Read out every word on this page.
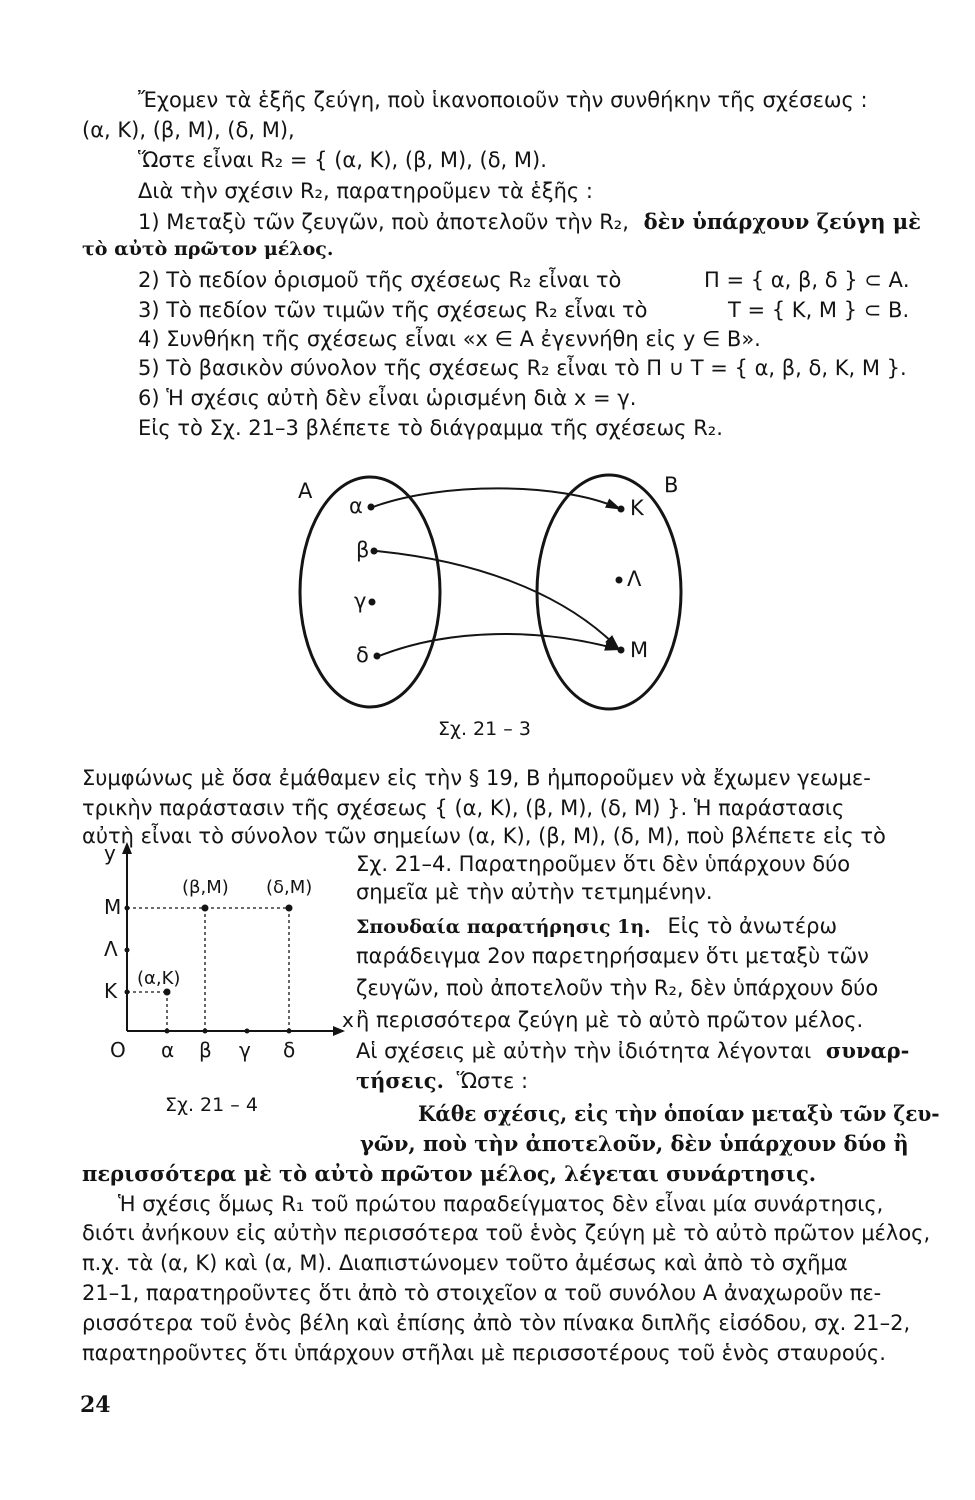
Ἔχομεν τὰ ἑξῆς ζεύγη, ποὺ ἱκανοποιοῦν τὴν συνθήκην τῆς σχέσεως :
(α, Κ), (β, Μ), (δ, Μ),
Ὥστε εἶναι R₂ = { (α, Κ), (β, Μ), (δ, Μ).
Διὰ τὴν σχέσιν R₂, παρατηροῦμεν τὰ ἑξῆς :
1) Μεταξὺ τῶν ζευγῶν, ποὺ ἀποτελοῦν τὴν R₂, δὲν ὑπάρχουν ζεύγη μὲ
τὸ αὐτὸ πρῶτον μέλος.
2) Τὸ πεδίον ὁρισμοῦ τῆς σχέσεως R₂ εἶναι τὸ	Π = { α, β, δ } ⊂ Α.
3) Τὸ πεδίον τῶν τιμῶν τῆς σχέσεως R₂ εἶναι τὸ	Τ = { Κ, Μ } ⊂ Β.
4) Συνθήκη τῆς σχέσεως εἶναι «x ∈ Α ἐγεννήθη εἰς y ∈ Β».
5) Τὸ βασικὸν σύνολον τῆς σχέσεως R₂ εἶναι τὸ Π ∪ Τ = { α, β, δ, Κ, Μ }.
6) Ἡ σχέσις αὐτὴ δὲν εἶναι ὡρισμένη διὰ x = γ.
Εἰς τὸ Σχ. 21–3 βλέπετε τὸ διάγραμμα τῆς σχέσεως R₂.
Α	Β
α
β
γ
δ
Κ
Λ
Μ
Σχ. 21 – 3
Συμφώνως μὲ ὅσα ἐμάθαμεν εἰς τὴν § 19, Β ἠμποροῦμεν νὰ ἔχωμεν γεωμε-
τρικὴν παράστασιν τῆς σχέσεως { (α, Κ), (β, Μ), (δ, Μ) }. Ἡ παράστασις
αὐτὴ εἶναι τὸ σύνολον τῶν σημείων (α, Κ), (β, Μ), (δ, Μ), ποὺ βλέπετε εἰς τὸ
Σχ. 21–4. Παρατηροῦμεν ὅτι δὲν ὑπάρχουν δύο
σημεῖα μὲ τὴν αὐτὴν τετμημένην.
y
x
O α β γ δ
Κ
Λ
Μ
(α,Κ)
(β,Μ) (δ,Μ)
Σχ. 21 – 4
Σπουδαία παρατήρησις 1η. Εἰς τὸ ἀνωτέρω
παράδειγμα 2ον παρετηρήσαμεν ὅτι μεταξὺ τῶν
ζευγῶν, ποὺ ἀποτελοῦν τὴν R₂, δὲν ὑπάρχουν δύο
ἢ περισσότερα ζεύγη μὲ τὸ αὐτὸ πρῶτον μέλος.
Αἱ σχέσεις μὲ αὐτὴν τὴν ἰδιότητα λέγονται συναρ-
τήσεις. Ὥστε :
Κάθε σχέσις, εἰς τὴν ὁποίαν μεταξὺ τῶν ζευ-
γῶν, ποὺ τὴν ἀποτελοῦν, δὲν ὑπάρχουν δύο ἢ
περισσότερα μὲ τὸ αὐτὸ πρῶτον μέλος, λέγεται συνάρτησις.
Ἡ σχέσις ὅμως R₁ τοῦ πρώτου παραδείγματος δὲν εἶναι μία συνάρτησις,
διότι ἀνήκουν εἰς αὐτὴν περισσότερα τοῦ ἑνὸς ζεύγη μὲ τὸ αὐτὸ πρῶτον μέλος,
π.χ. τὰ (α, Κ) καὶ (α, Μ). Διαπιστώνομεν τοῦτο ἀμέσως καὶ ἀπὸ τὸ σχῆμα
21–1, παρατηροῦντες ὅτι ἀπὸ τὸ στοιχεῖον α τοῦ συνόλου Α ἀναχωροῦν πε-
ρισσότερα τοῦ ἑνὸς βέλη καὶ ἐπίσης ἀπὸ τὸν πίνακα διπλῆς εἰσόδου, σχ. 21–2,
παρατηροῦντες ὅτι ὑπάρχουν στῆλαι μὲ περισσοτέρους τοῦ ἑνὸς σταυρούς.
24
